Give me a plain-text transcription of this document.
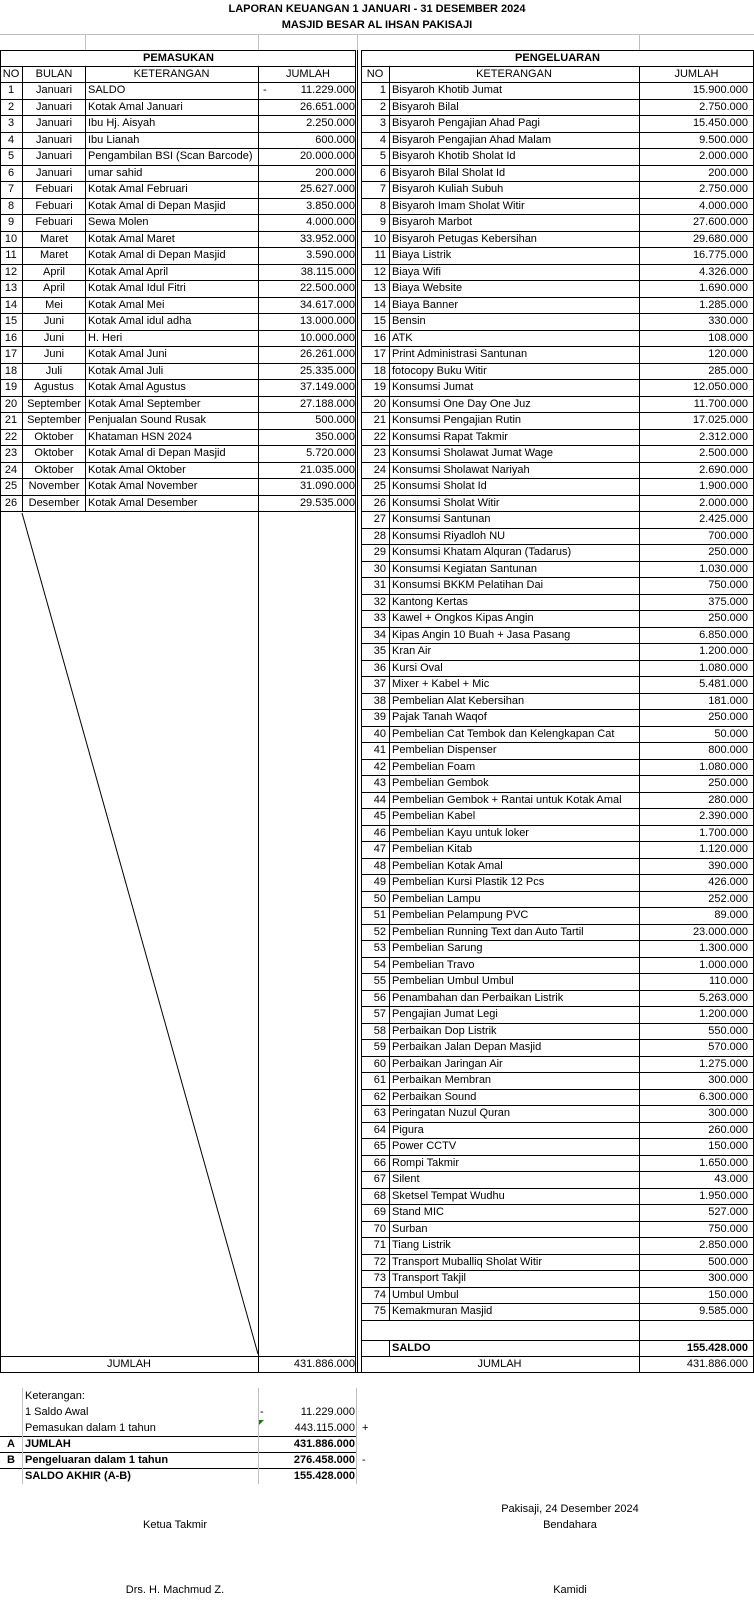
LAPORAN KEUANGAN 1 JANUARI - 31 DESEMBER 2024
MASJID BESAR AL IHSAN PAKISAJI
PEMASUKAN	PENGELUARAN
NO	BULAN	KETERANGAN	JUMLAH	NO	KETERANGAN	JUMLAH
1	Januari	SALDO	-	11.229.000
2	Januari	Kotak Amal Januari	26.651.000
3	Januari	Ibu Hj. Aisyah	2.250.000
4	Januari	Ibu Lianah	600.000
5	Januari	Pengambilan BSI (Scan Barcode)	20.000.000
6	Januari	umar sahid	200.000
7	Febuari	Kotak Amal Februari	25.627.000
8	Febuari	Kotak Amal di Depan Masjid	3.850.000
9	Febuari	Sewa Molen	4.000.000
10	Maret	Kotak Amal Maret	33.952.000
11	Maret	Kotak Amal di Depan Masjid	3.590.000
12	April	Kotak Amal April	38.115.000
13	April	Kotak Amal Idul Fitri	22.500.000
14	Mei	Kotak Amal Mei	34.617.000
15	Juni	Kotak Amal idul adha	13.000.000
16	Juni	H. Heri	10.000.000
17	Juni	Kotak Amal Juni	26.261.000
18	Juli	Kotak Amal Juli	25.335.000
19	Agustus	Kotak Amal Agustus	37.149.000
20 September Kotak Amal September	27.188.000
21 September Penjualan Sound Rusak	500.000
22	Oktober	Khataman HSN 2024	350.000
23	Oktober	Kotak Amal di Depan Masjid	5.720.000
24	Oktober	Kotak Amal Oktober	21.035.000
25	November Kotak Amal November	31.090.000
26	Desember Kotak Amal Desember	29.535.000
1 Bisyaroh Khotib Jumat	15.900.000
2 Bisyaroh Bilal	2.750.000
3 Bisyaroh Pengajian Ahad Pagi	15.450.000
4 Bisyaroh Pengajian Ahad Malam	9.500.000
5 Bisyaroh Khotib Sholat Id	2.000.000
6 Bisyaroh Bilal Sholat Id	200.000
7 Bisyaroh Kuliah Subuh	2.750.000
8 Bisyaroh Imam Sholat Witir	4.000.000
9 Bisyaroh Marbot	27.600.000
10 Bisyaroh Petugas Kebersihan	29.680.000
11 Biaya Listrik	16.775.000
12 Biaya Wifi	4.326.000
13 Biaya Website	1.690.000
14 Biaya Banner	1.285.000
15 Bensin	330.000
16 ATK	108.000
17 Print Administrasi Santunan	120.000
18 fotocopy Buku Witir	285.000
19 Konsumsi Jumat	12.050.000
20 Konsumsi One Day One Juz	11.700.000
21 Konsumsi Pengajian Rutin	17.025.000
22 Konsumsi Rapat Takmir	2.312.000
23 Konsumsi Sholawat Jumat Wage	2.500.000
24 Konsumsi Sholawat Nariyah	2.690.000
25 Konsumsi Sholat Id	1.900.000
26 Konsumsi Sholat Witir	2.000.000
27 Konsumsi Santunan	2.425.000
28 Konsumsi Riyadloh NU	700.000
29 Konsumsi Khatam Alquran (Tadarus)	250.000
30 Konsumsi Kegiatan Santunan	1.030.000
31 Konsumsi BKKM Pelatihan Dai	750.000
32 Kantong Kertas	375.000
33 Kawel + Ongkos Kipas Angin	250.000
34 Kipas Angin 10 Buah + Jasa Pasang	6.850.000
35 Kran Air	1.200.000
36 Kursi Oval	1.080.000
37 Mixer + Kabel + Mic	5.481.000
38 Pembelian Alat Kebersihan	181.000
39 Pajak Tanah Waqof	250.000
40 Pembelian Cat Tembok dan Kelengkapan Cat	50.000
41 Pembelian Dispenser	800.000
42 Pembelian Foam	1.080.000
43 Pembelian Gembok	250.000
44 Pembelian Gembok + Rantai untuk Kotak Amal	280.000
45 Pembelian Kabel	2.390.000
46 Pembelian Kayu untuk loker	1.700.000
47 Pembelian Kitab	1.120.000
48 Pembelian Kotak Amal	390.000
49 Pembelian Kursi Plastik 12 Pcs	426.000
50 Pembelian Lampu	252.000
51 Pembelian Pelampung PVC	89.000
52 Pembelian Running Text dan Auto Tartil	23.000.000
53 Pembelian Sarung	1.300.000
54 Pembelian Travo	1.000.000
55 Pembelian Umbul Umbul	110.000
56 Penambahan dan Perbaikan Listrik	5.263.000
57 Pengajian Jumat Legi	1.200.000
58 Perbaikan Dop Listrik	550.000
59 Perbaikan Jalan Depan Masjid	570.000
60 Perbaikan Jaringan Air	1.275.000
61 Perbaikan Membran	300.000
62 Perbaikan Sound	6.300.000
63 Peringatan Nuzul Quran	300.000
64 Pigura	260.000
65 Power CCTV	150.000
66 Rompi Takmir	1.650.000
67 Silent	43.000
68 Sketsel Tempat Wudhu	1.950.000
69 Stand MIC	527.000
70 Surban	750.000
71 Tiang Listrik	2.850.000
72 Transport Muballiq Sholat Witir	500.000
73 Transport Takjil	300.000
74 Umbul Umbul	150.000
75 Kemakmuran Masjid	9.585.000
SALDO	155.428.000
JUMLAH	431.886.000	JUMLAH	431.886.000
Keterangan:
1 Saldo Awal	-	11.229.000
Pemasukan dalam 1 tahun	443.115.000 +
A JUMLAH	431.886.000
B Pengeluaran dalam 1 tahun	276.458.000 -
SALDO AKHIR (A-B)	155.428.000
Pakisaji, 24 Desember 2024
Ketua Takmir	Bendahara
Drs. H. Machmud Z.	Kamidi
